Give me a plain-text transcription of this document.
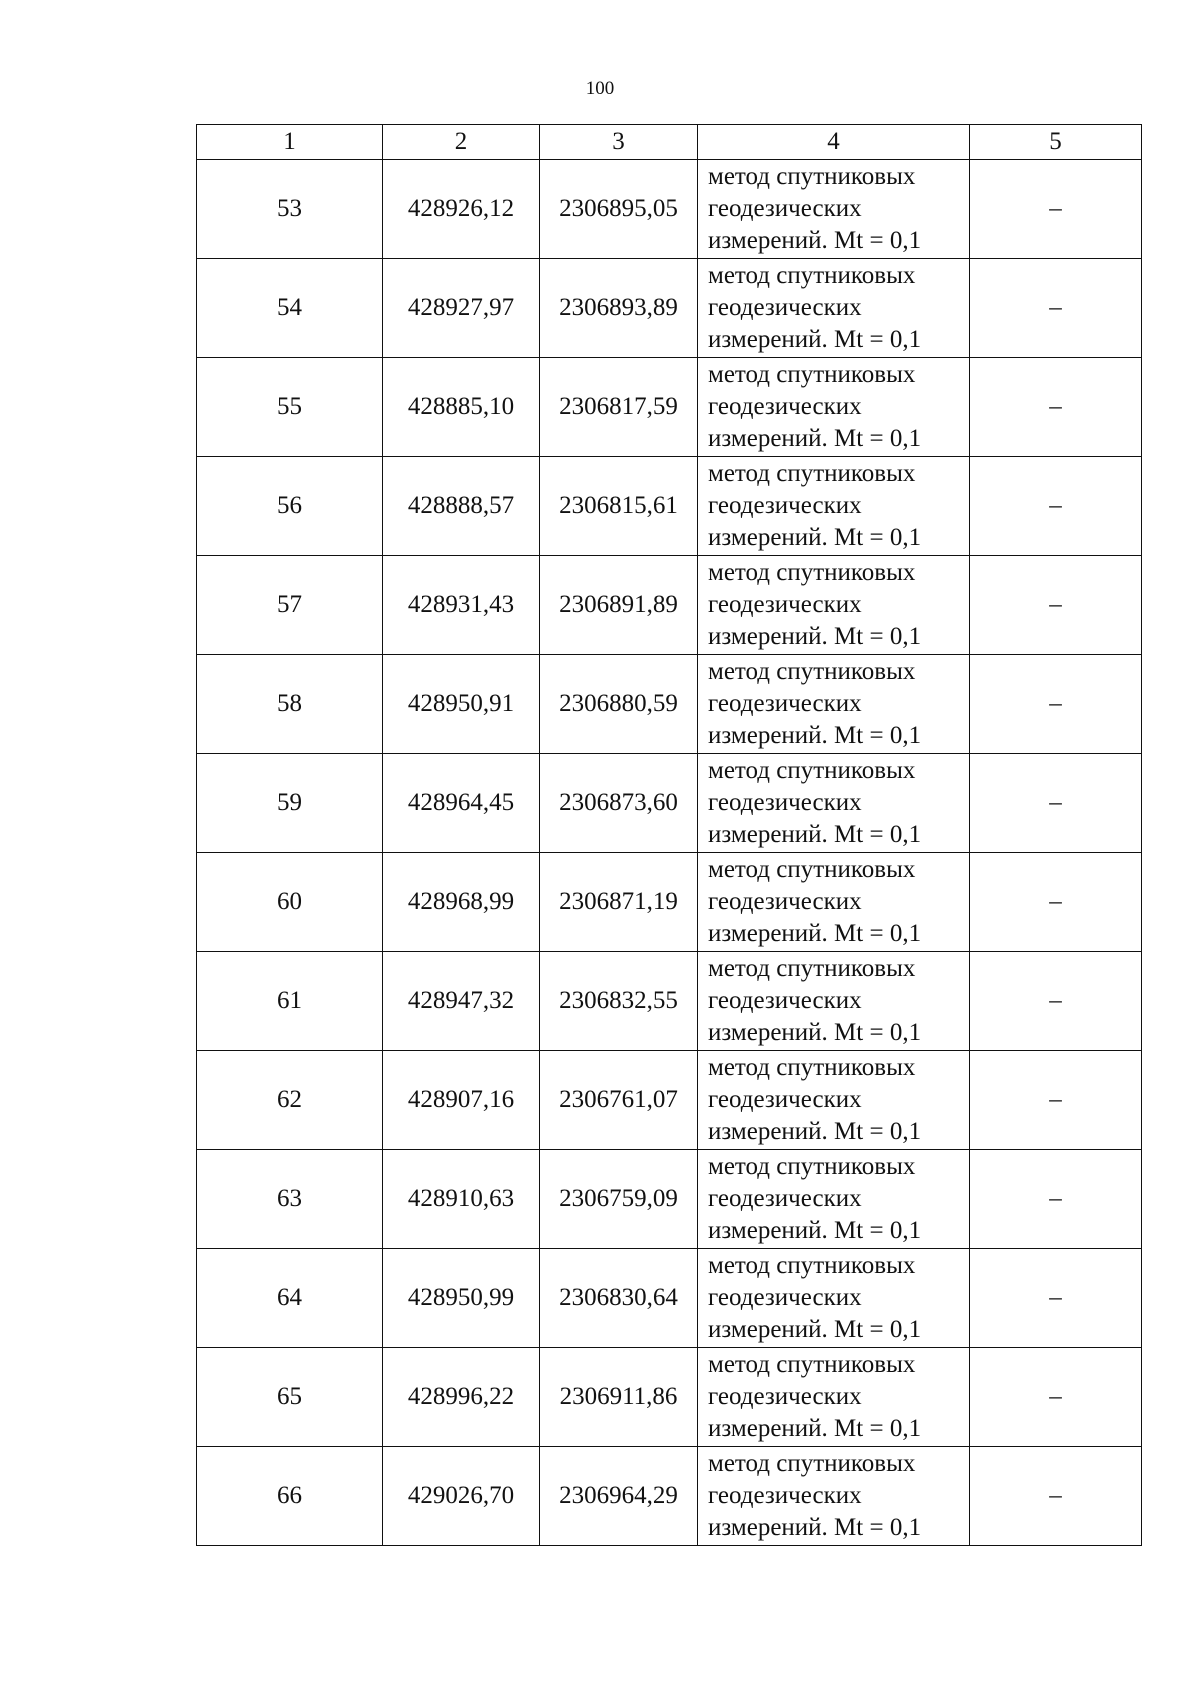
100
1	2	3	4	5
53	428926,12	2306895,05	метод спутниковых
геодезических
измерений. Mt = 0,1	–
54	428927,97	2306893,89	метод спутниковых
геодезических
измерений. Mt = 0,1	–
55	428885,10	2306817,59	метод спутниковых
геодезических
измерений. Mt = 0,1	–
56	428888,57	2306815,61	метод спутниковых
геодезических
измерений. Mt = 0,1	–
57	428931,43	2306891,89	метод спутниковых
геодезических
измерений. Mt = 0,1	–
58	428950,91	2306880,59	метод спутниковых
геодезических
измерений. Mt = 0,1	–
59	428964,45	2306873,60	метод спутниковых
геодезических
измерений. Mt = 0,1	–
60	428968,99	2306871,19	метод спутниковых
геодезических
измерений. Mt = 0,1	–
61	428947,32	2306832,55	метод спутниковых
геодезических
измерений. Mt = 0,1	–
62	428907,16	2306761,07	метод спутниковых
геодезических
измерений. Mt = 0,1	–
63	428910,63	2306759,09	метод спутниковых
геодезических
измерений. Mt = 0,1	–
64	428950,99	2306830,64	метод спутниковых
геодезических
измерений. Mt = 0,1	–
65	428996,22	2306911,86	метод спутниковых
геодезических
измерений. Mt = 0,1	–
66	429026,70	2306964,29	метод спутниковых
геодезических
измерений. Mt = 0,1	–
